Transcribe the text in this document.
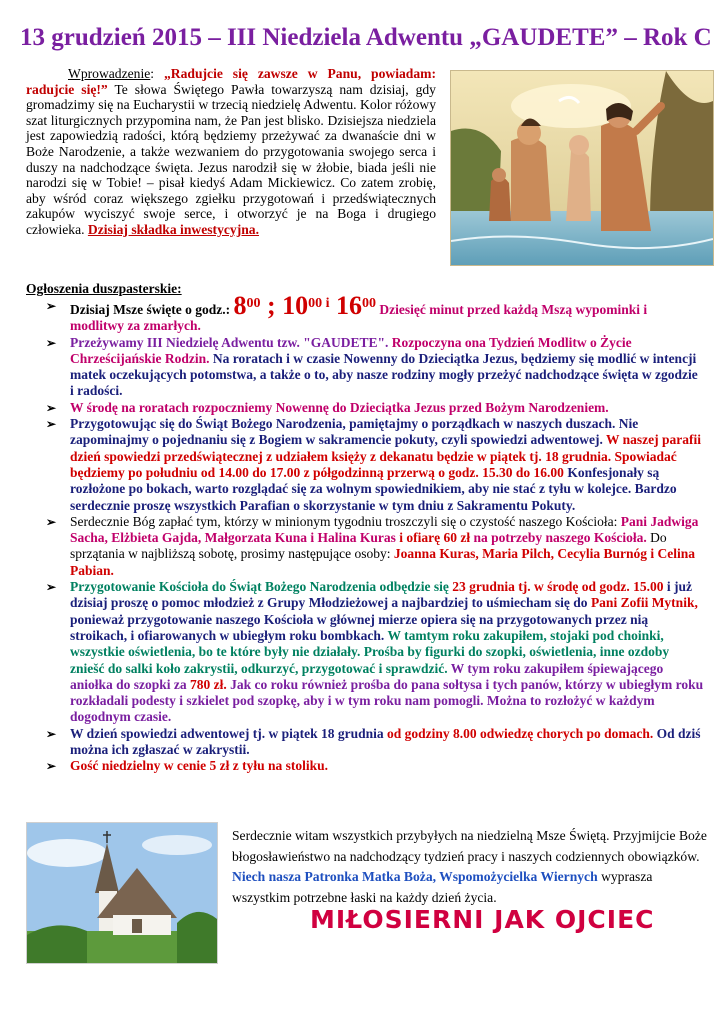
13 grudzień 2015 – III Niedziela Adwentu „GAUDETE” – Rok C

Wprowadzenie: „Radujcie się zawsze w Panu, powiadam: radujcie się!” Te słowa Świętego Pawła towarzyszą nam dzisiaj, gdy gromadzimy się na Eucharystii w trzecią niedzielę Adwentu. Kolor różowy szat liturgicznych przypomina nam, że Pan jest blisko. Dzisiejsza niedziela jest zapowiedzią radości, którą będziemy przeżywać za dwanaście dni w Boże Narodzenie, a także wezwaniem do przygotowania swojego serca i duszy na nadchodzące święta. Jezus narodził się w żłobie, biada jeśli nie narodzi się w Tobie! – pisał kiedyś Adam Mickiewicz. Co zatem zrobię, aby wśród coraz większego zgiełku przygotowań i przedświątecznych zakupów wyciszyć swoje serce, i otworzyć je na Boga i drugiego człowieka. Dzisiaj składka inwestycyjna.

Ogłoszenia duszpasterskie:

➢ Dzisiaj Msze święte o godz.: $8^{00}$ ; $10^{00 i}$ $16^{00}$ Dziesięć minut przed każdą Mszą wypominki i modlitwy za zmarłych.
➢ Przeżywamy III Niedzielę Adwentu tzw. "GAUDETE". Rozpoczyna ona Tydzień Modlitw o Życie Chrześcijańskie Rodzin. Na roratach i w czasie Nowenny do Dzieciątka Jezus, będziemy się modlić w intencji matek oczekujących potomstwa, a także o to, aby nasze rodziny mogły przeżyć nadchodzące święta w zgodzie i radości.
➢ W środę na roratach rozpoczniemy Nowennę do Dzieciątka Jezus przed Bożym Narodzeniem.
➢ Przygotowując się do Świąt Bożego Narodzenia, pamiętajmy o porządkach w naszych duszach. Nie zapominajmy o pojednaniu się z Bogiem w sakramencie pokuty, czyli spowiedzi adwentowej. W naszej parafii dzień spowiedzi przedświątecznej z udziałem księży z dekanatu będzie w piątek tj. 18 grudnia. Spowiadać będziemy po południu od 14.00 do 17.00 z półgodzinną przerwą o godz. 15.30 do 16.00 Konfesjonały są rozłożone po bokach, warto rozglądać się za wolnym spowiednikiem, aby nie stać z tyłu w kolejce. Bardzo serdecznie proszę wszystkich Parafian o skorzystanie w tym dniu z Sakramentu Pokuty.
➢ Serdecznie Bóg zapłać tym, którzy w minionym tygodniu troszczyli się o czystość naszego Kościoła: Pani Jadwiga Sacha, Elżbieta Gajda, Małgorzata Kuna i Halina Kuras i ofiarę 60 zł na potrzeby naszego Kościoła. Do sprzątania w najbliższą sobotę, prosimy następujące osoby: Joanna Kuras, Maria Pilch, Cecylia Burnóg i Celina Pabian.
➢ Przygotowanie Kościoła do Świąt Bożego Narodzenia odbędzie się 23 grudnia tj. w środę od godz. 15.00 i już dzisiaj proszę o pomoc młodzież z Grupy Młodzieżowej a najbardziej to uśmiecham się do Pani Zofii Mytnik, ponieważ przygotowanie naszego Kościoła w głównej mierze opiera się na przygotowanych przez nią stroikach, i ofiarowanych w ubiegłym roku bombkach. W tamtym roku zakupiłem, stojaki pod choinki, wszystkie oświetlenia, bo te które były nie działały. Prośba by figurki do szopki, oświetlenia, inne ozdoby zniešć do salki koło zakrystii, odkurzyć, przygotować i sprawdzić. W tym roku zakupiłem śpiewającego aniołka do szopki za 780 zł. Jak co roku również prośba do pana sołtysa i tych panów, którzy w ubiegłym roku rozkładali podesty i szkielet pod szopkę, aby i w tym roku nam pomogli. Można to rozłożyć w każdym dogodnym czasie.
➢ W dzień spowiedzi adwentowej tj. w piątek 18 grudnia od godziny 8.00 odwiedzę chorych po domach. Od dziś można ich zgłaszać w zakrystii.
➢ Gość niedzielny w cenie 5 zł z tyłu na stoliku.

Serdecznie witam wszystkich przybyłych na niedzielną Msze Świętą. Przyjmijcie Boże błogosławieństwo na nadchodzący tydzień pracy i naszych codziennych obowiązków. Niech nasza Patronka Matka Boża, Wspomożycielka Wiernych wyprasza wszystkim potrzebne łaski na każdy dzień życia.

MIŁOSIERNI JAK OJCIEC
